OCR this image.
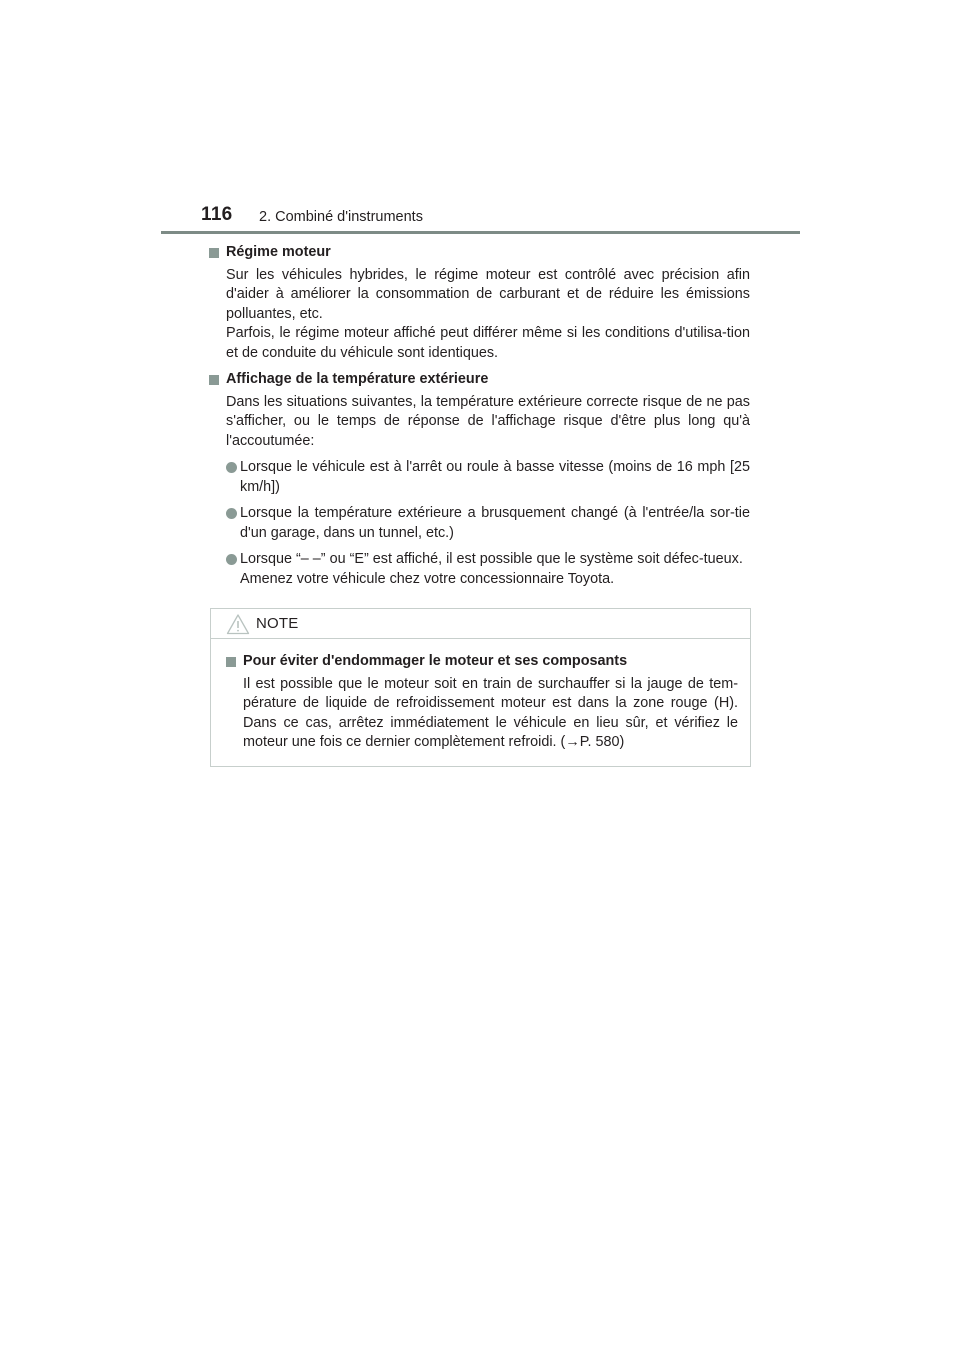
116 2. Combiné d'instruments
Régime moteur

Sur les véhicules hybrides, le régime moteur est contrôlé avec précision afin d'aider à améliorer la consommation de carburant et de réduire les émissions polluantes, etc.

Parfois, le régime moteur affiché peut différer même si les conditions d'utilisa-tion et de conduite du véhicule sont identiques.

Affichage de la température extérieure

Dans les situations suivantes, la température extérieure correcte risque de ne pas s'afficher, ou le temps de réponse de l'affichage risque d'être plus long qu'à l'accoutumée:

Lorsque le véhicule est à l'arrêt ou roule à basse vitesse (moins de 16 mph [25 km/h])

Lorsque la température extérieure a brusquement changé (à l'entrée/la sor-tie d'un garage, dans un tunnel, etc.)

Lorsque “– –” ou “E” est affiché, il est possible que le système soit défec-tueux.

Amenez votre véhicule chez votre concessionnaire Toyota.

NOTE
Pour éviter d'endommager le moteur et ses composants

Il est possible que le moteur soit en train de surchauffer si la jauge de tem-pérature de liquide de refroidissement moteur est dans la zone rouge (H). Dans ce cas, arrêtez immédiatement le véhicule en lieu sûr, et vérifiez le moteur une fois ce dernier complètement refroidi. (→P. 580)
